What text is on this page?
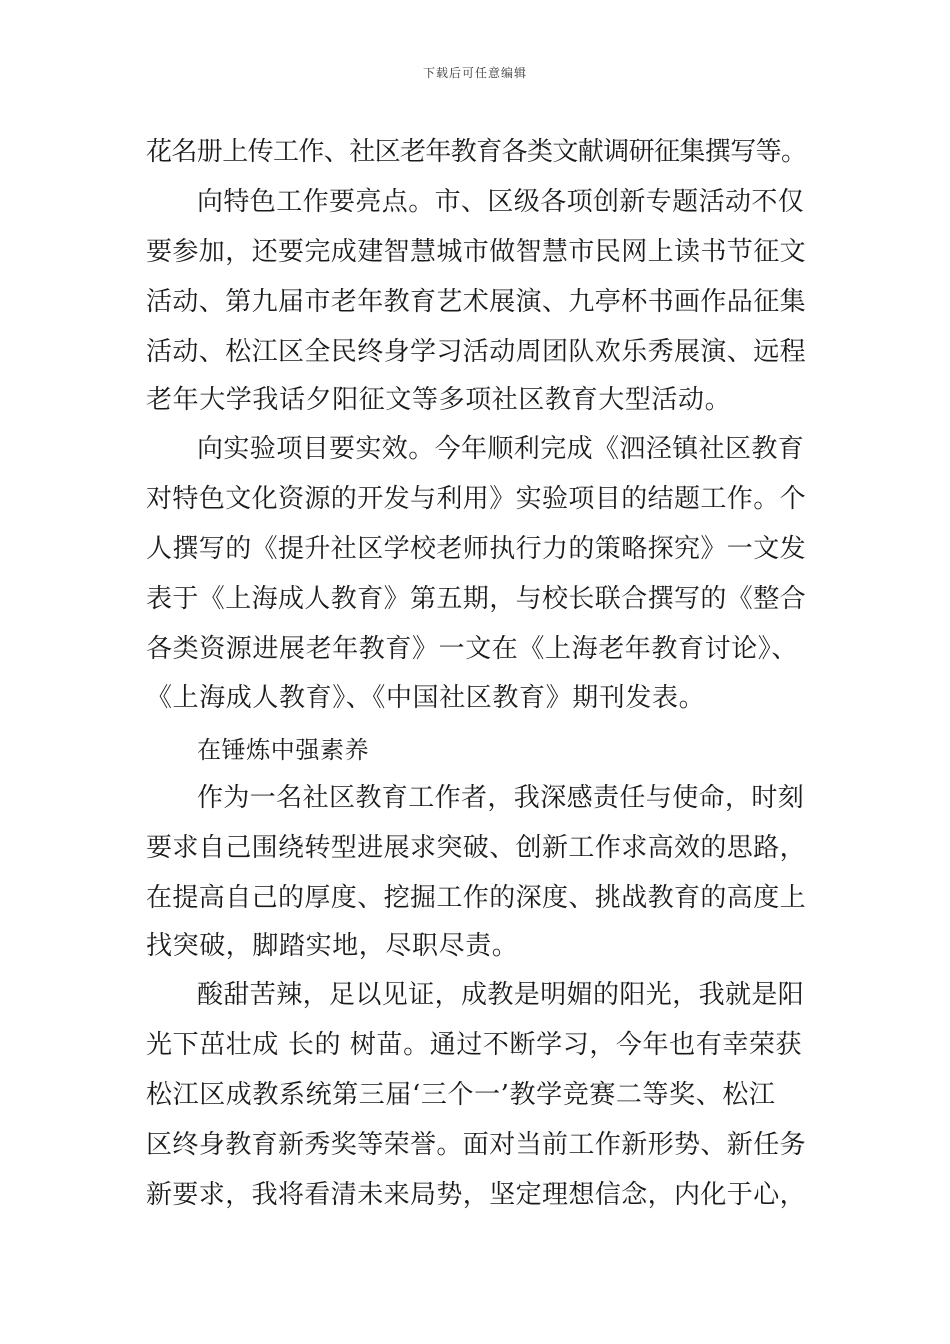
下载后可任意编辑
花名册上传工作、社区老年教育各类文献调研征集撰写等。
向特色工作要亮点。市、区级各项创新专题活动不仅
要参加，还要完成建智慧城市做智慧市民网上读书节征文
活动、第九届市老年教育艺术展演、九亭杯书画作品征集
活动、松江区全民终身学习活动周团队欢乐秀展演、远程
老年大学我话夕阳征文等多项社区教育大型活动。
向实验项目要实效。今年顺利完成《泗泾镇社区教育
对特色文化资源的开发与利用》实验项目的结题工作。个
人撰写的《提升社区学校老师执行力的策略探究》一文发
表于《上海成人教育》第五期，与校长联合撰写的《整合
各类资源进展老年教育》一文在《上海老年教育讨论》、
《上海成人教育》、《中国社区教育》期刊发表。
在锤炼中强素养
作为一名社区教育工作者，我深感责任与使命，时刻
要求自己围绕转型进展求突破、创新工作求高效的思路，
在提高自己的厚度、挖掘工作的深度、挑战教育的高度上
找突破，脚踏实地，尽职尽责。
酸甜苦辣，足以见证，成教是明媚的阳光，我就是阳
光下茁壮成 长的 树苗。通过不断学习，今年也有幸荣获
松江区成教系统第三届‘三个一’教学竞赛二等奖、松江
区终身教育新秀奖等荣誉。面对当前工作新形势、新任务
新要求，我将看清未来局势，坚定理想信念，内化于心，
